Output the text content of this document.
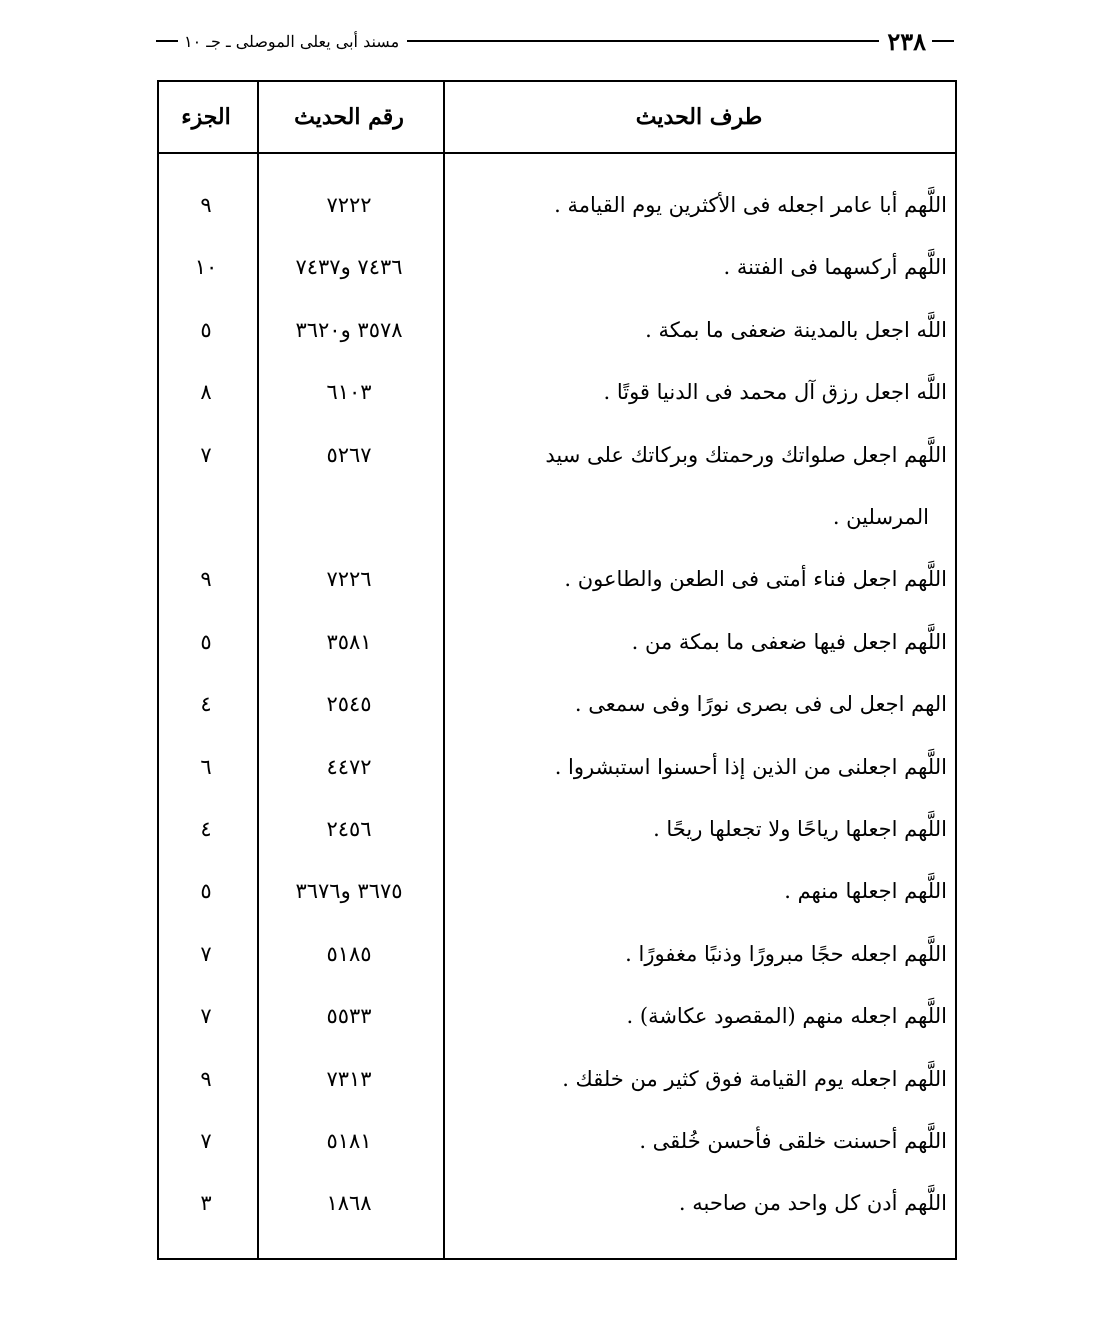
٢٣٨
مسند أبى يعلى الموصلى ـ جـ ١٠
طرف الحديث
رقم الحديث
الجزء
اللَّهم أبا عامر اجعله فى الأكثرين يوم القيامة .
٧٢٢٢
٩
اللَّهم أركسهما فى الفتنة .
٧٤٣٦ و٧٤٣٧
١٠
اللَّه اجعل بالمدينة ضعفى ما بمكة .
٣٥٧٨ و٣٦٢٠
٥
اللَّه اجعل رزق آل محمد فى الدنيا قوتًا .
٦١٠٣
٨
اللَّهم اجعل صلواتك ورحمتك وبركاتك على سيد
٥٢٦٧
٧
المرسلين .
اللَّهم اجعل فناء أمتى فى الطعن والطاعون .
٧٢٢٦
٩
اللَّهم اجعل فيها ضعفى ما بمكة من .
٣٥٨١
٥
الهم اجعل لى فى بصرى نورًا وفى سمعى .
٢٥٤٥
٤
اللَّهم اجعلنى من الذين إذا أحسنوا استبشروا .
٤٤٧٢
٦
اللَّهم اجعلها رياحًا ولا تجعلها ريحًا .
٢٤٥٦
٤
اللَّهم اجعلها منهم .
٣٦٧٥ و٣٦٧٦
٥
اللَّهم اجعله حجًا مبرورًا وذنبًا مغفورًا .
٥١٨٥
٧
اللَّهم اجعله منهم (المقصود عكاشة) .
٥٥٣٣
٧
اللَّهم اجعله يوم القيامة فوق كثير من خلقك .
٧٣١٣
٩
اللَّهم أحسنت خلقى فأحسن خُلقى .
٥١٨١
٧
اللَّهم أدن كل واحد من صاحبه .
١٨٦٨
٣
